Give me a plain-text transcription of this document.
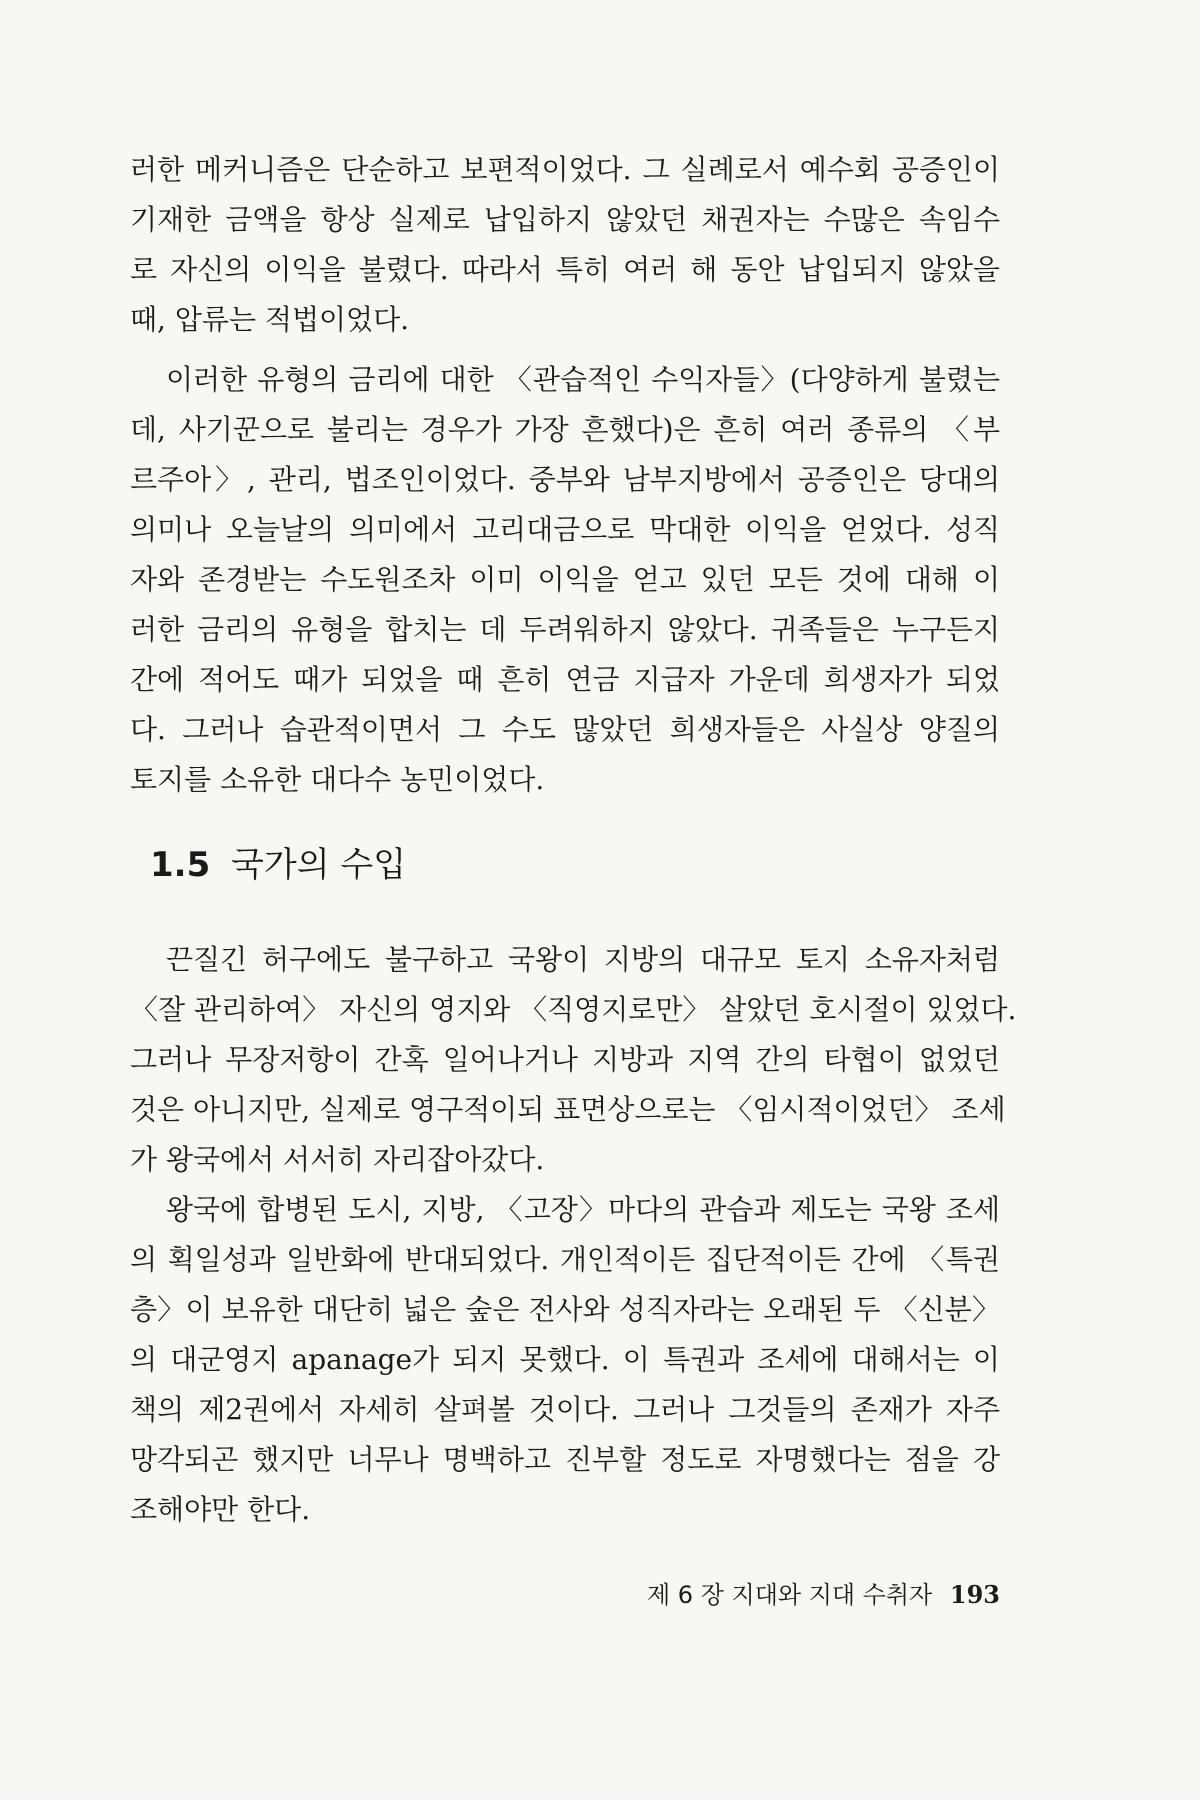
러한 메커니즘은 단순하고 보편적이었다. 그 실례로서 예수회 공증인이
기재한 금액을 항상 실제로 납입하지 않았던 채권자는 수많은 속임수
로 자신의 이익을 불렸다. 따라서 특히 여러 해 동안 납입되지 않았을
때, 압류는 적법이었다.
이러한 유형의 금리에 대한 〈관습적인 수익자들〉(다양하게 불렸는
데, 사기꾼으로 불리는 경우가 가장 흔했다)은 흔히 여러 종류의 〈부
르주아〉, 관리, 법조인이었다. 중부와 남부지방에서 공증인은 당대의
의미나 오늘날의 의미에서 고리대금으로 막대한 이익을 얻었다. 성직
자와 존경받는 수도원조차 이미 이익을 얻고 있던 모든 것에 대해 이
러한 금리의 유형을 합치는 데 두려워하지 않았다. 귀족들은 누구든지
간에 적어도 때가 되었을 때 흔히 연금 지급자 가운데 희생자가 되었
다. 그러나 습관적이면서 그 수도 많았던 희생자들은 사실상 양질의
토지를 소유한 대다수 농민이었다.
1.5 국가의 수입
끈질긴 허구에도 불구하고 국왕이 지방의 대규모 토지 소유자처럼
〈잘 관리하여〉 자신의 영지와 〈직영지로만〉 살았던 호시절이 있었다.
그러나 무장저항이 간혹 일어나거나 지방과 지역 간의 타협이 없었던
것은 아니지만, 실제로 영구적이되 표면상으로는 〈임시적이었던〉 조세
가 왕국에서 서서히 자리잡아갔다.
왕국에 합병된 도시, 지방, 〈고장〉마다의 관습과 제도는 국왕 조세
의 획일성과 일반화에 반대되었다. 개인적이든 집단적이든 간에 〈특권
층〉이 보유한 대단히 넓은 숲은 전사와 성직자라는 오래된 두 〈신분〉
의 대군영지 apanage가 되지 못했다. 이 특권과 조세에 대해서는 이
책의 제2권에서 자세히 살펴볼 것이다. 그러나 그것들의 존재가 자주
망각되곤 했지만 너무나 명백하고 진부할 정도로 자명했다는 점을 강
조해야만 한다.
제 6 장 지대와 지대 수취자 193
